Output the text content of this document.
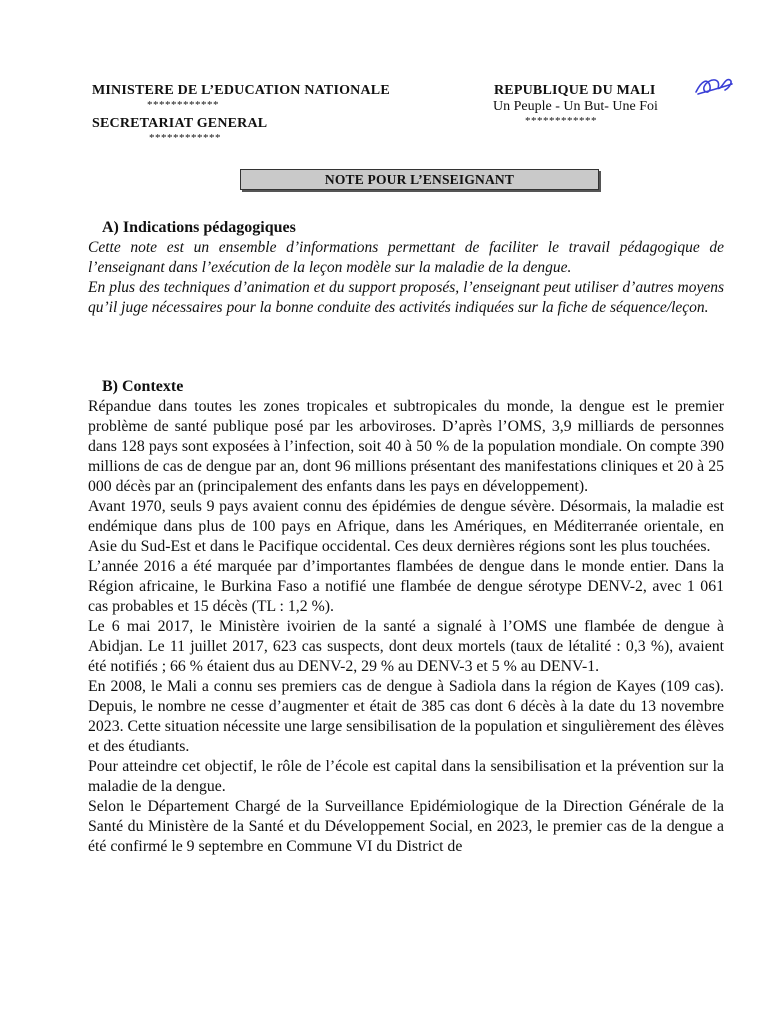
MINISTERE DE L’EDUCATION NATIONALE
************
SECRETARIAT GENERAL
************
REPUBLIQUE DU MALI
Un Peuple - Un But- Une Foi
************
NOTE POUR L’ENSEIGNANT
A) Indications pédagogiques

Cette note est un ensemble d’informations permettant de faciliter le travail pédagogique de l’enseignant dans l’exécution de la leçon modèle sur la maladie de la dengue.

En plus des techniques d’animation et du support proposés, l’enseignant peut utiliser d’autres moyens qu’il juge nécessaires pour la bonne conduite des activités indiquées sur la fiche de séquence/leçon.

B) Contexte

Répandue dans toutes les zones tropicales et subtropicales du monde, la dengue est le premier problème de santé publique posé par les arboviroses. D’après l’OMS, 3,9 milliards de personnes dans 128 pays sont exposées à l’infection, soit 40 à 50 % de la population mondiale. On compte 390 millions de cas de dengue par an, dont 96 millions présentant des manifestations cliniques et 20 à 25 000 décès par an (principalement des enfants dans les pays en développement).

Avant 1970, seuls 9 pays avaient connu des épidémies de dengue sévère. Désormais, la maladie est endémique dans plus de 100 pays en Afrique, dans les Amériques, en Méditerranée orientale, en Asie du Sud-Est et dans le Pacifique occidental. Ces deux dernières régions sont les plus touchées.

L’année 2016 a été marquée par d’importantes flambées de dengue dans le monde entier. Dans la Région africaine, le Burkina Faso a notifié une flambée de dengue sérotype DENV-2, avec 1 061 cas probables et 15 décès (TL : 1,2 %).

Le 6 mai 2017, le Ministère ivoirien de la santé a signalé à l’OMS une flambée de dengue à Abidjan. Le 11 juillet 2017, 623 cas suspects, dont deux mortels (taux de létalité : 0,3 %), avaient été notifiés ; 66 % étaient dus au DENV-2, 29 % au DENV-3 et 5 % au DENV-1.

En 2008, le Mali a connu ses premiers cas de dengue à Sadiola dans la région de Kayes (109 cas). Depuis, le nombre ne cesse d’augmenter et était de 385 cas dont 6 décès à la date du 13 novembre 2023. Cette situation nécessite une large sensibilisation de la population et singulièrement des élèves et des étudiants.

Pour atteindre cet objectif, le rôle de l’école est capital dans la sensibilisation et la prévention sur la maladie de la dengue.

Selon le Département Chargé de la Surveillance Epidémiologique de la Direction Générale de la Santé du Ministère de la Santé et du Développement Social, en 2023, le premier cas de la dengue a été confirmé le 9 septembre en Commune VI du District de
